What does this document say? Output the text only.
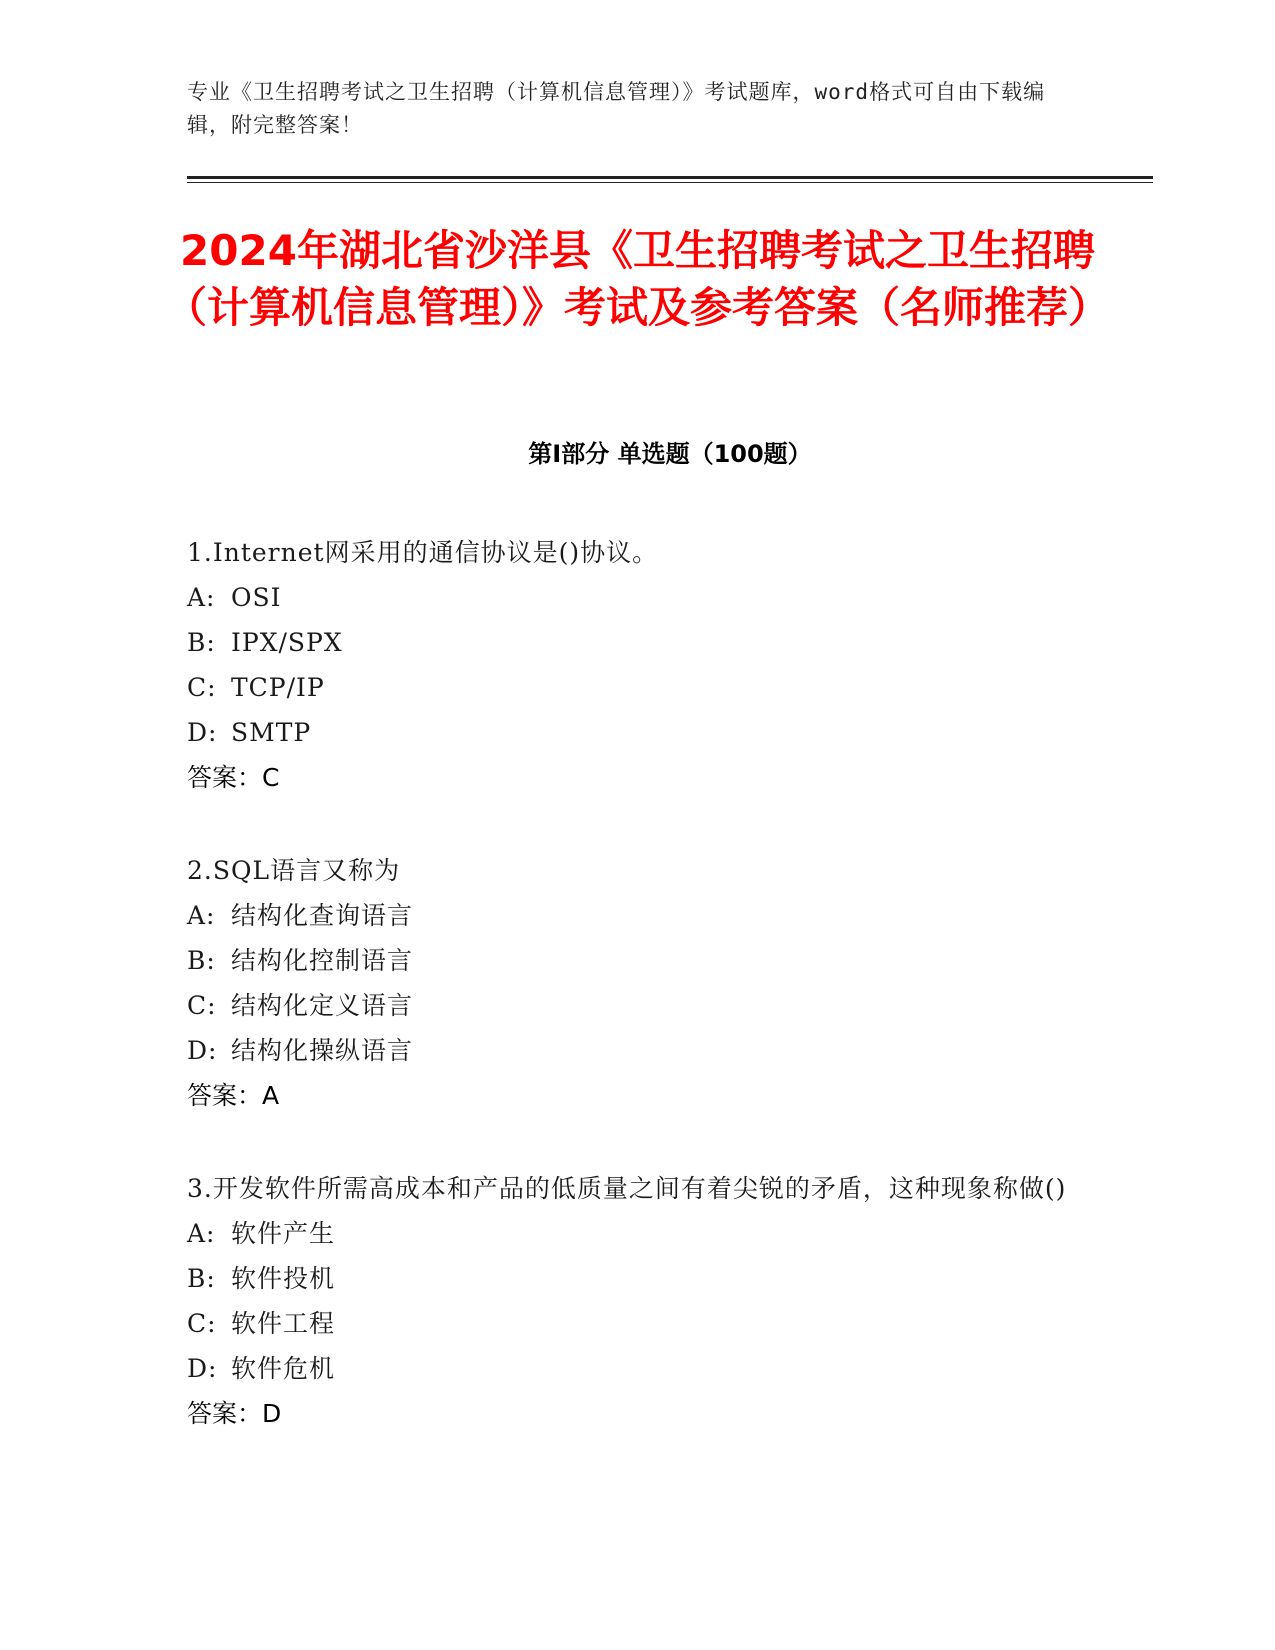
专业《卫生招聘考试之卫生招聘（计算机信息管理）》考试题库，word格式可自由下载编辑，附完整答案！
2024年湖北省沙洋县《卫生招聘考试之卫生招聘（计算机信息管理）》考试及参考答案（名师推荐）
第I部分 单选题（100题）
1.Internet网采用的通信协议是()协议。
A: OSI
B: IPX/SPX
C: TCP/IP
D: SMTP
答案：C
2.SQL语言又称为
A: 结构化查询语言
B: 结构化控制语言
C: 结构化定义语言
D: 结构化操纵语言
答案：A
3.开发软件所需高成本和产品的低质量之间有着尖锐的矛盾，这种现象称做()
A: 软件产生
B: 软件投机
C: 软件工程
D: 软件危机
答案：D
